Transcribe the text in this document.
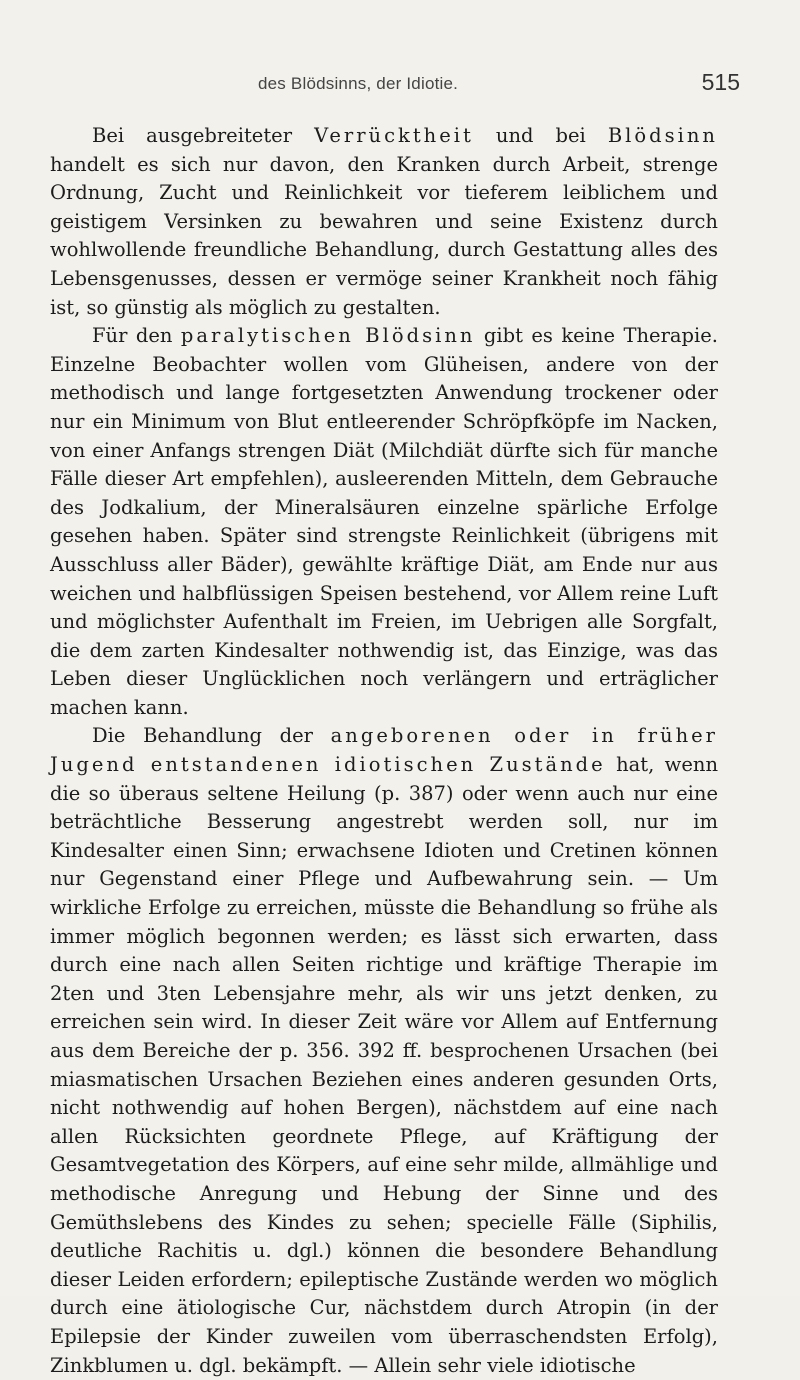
des Blödsinns, der Idiotie.	515

Bei ausgebreiteter Verrücktheit und bei Blödsinn handelt es sich nur davon, den Kranken durch Arbeit, strenge Ordnung, Zucht und Reinlichkeit vor tieferem leiblichem und geistigem Versinken zu bewahren und seine Existenz durch wohlwollende freundliche Behandlung, durch Gestattung alles des Lebensgenusses, dessen er vermöge seiner Krankheit noch fähig ist, so günstig als möglich zu gestalten.

Für den paralytischen Blödsinn gibt es keine Therapie. Einzelne Beobachter wollen vom Glüheisen, andere von der methodisch und lange fortgesetzten Anwendung trockener oder nur ein Minimum von Blut entleerender Schröpfköpfe im Nacken, von einer Anfangs strengen Diät (Milchdiät dürfte sich für manche Fälle dieser Art empfehlen), ausleerenden Mitteln, dem Gebrauche des Jodkalium, der Mineralsäuren einzelne spärliche Erfolge gesehen haben. Später sind strengste Reinlichkeit (übrigens mit Ausschluss aller Bäder), gewählte kräftige Diät, am Ende nur aus weichen und halbflüssigen Speisen bestehend, vor Allem reine Luft und möglichster Aufenthalt im Freien, im Uebrigen alle Sorgfalt, die dem zarten Kindesalter nothwendig ist, das Einzige, was das Leben dieser Unglücklichen noch verlängern und erträglicher machen kann.

Die Behandlung der angeborenen oder in früher Jugend entstandenen idiotischen Zustände hat, wenn die so überaus seltene Heilung (p. 387) oder wenn auch nur eine beträchtliche Besserung angestrebt werden soll, nur im Kindesalter einen Sinn; erwachsene Idioten und Cretinen können nur Gegenstand einer Pflege und Aufbewahrung sein. — Um wirkliche Erfolge zu erreichen, müsste die Behandlung so frühe als immer möglich begonnen werden; es lässt sich erwarten, dass durch eine nach allen Seiten richtige und kräftige Therapie im 2ten und 3ten Lebensjahre mehr, als wir uns jetzt denken, zu erreichen sein wird. In dieser Zeit wäre vor Allem auf Entfernung aus dem Bereiche der p. 356. 392 ff. besprochenen Ursachen (bei miasmatischen Ursachen Beziehen eines anderen gesunden Orts, nicht nothwendig auf hohen Bergen), nächstdem auf eine nach allen Rücksichten geordnete Pflege, auf Kräftigung der Gesamtvegetation des Körpers, auf eine sehr milde, allmählige und methodische Anregung und Hebung der Sinne und des Gemüthslebens des Kindes zu sehen; specielle Fälle (Siphilis, deutliche Rachitis u. dgl.) können die besondere Behandlung dieser Leiden erfordern; epileptische Zustände werden wo möglich durch eine ätiologische Cur, nächstdem durch Atropin (in der Epilepsie der Kinder zuweilen vom überraschendsten Erfolg), Zinkblumen u. dgl. bekämpft. — Allein sehr viele idiotische
